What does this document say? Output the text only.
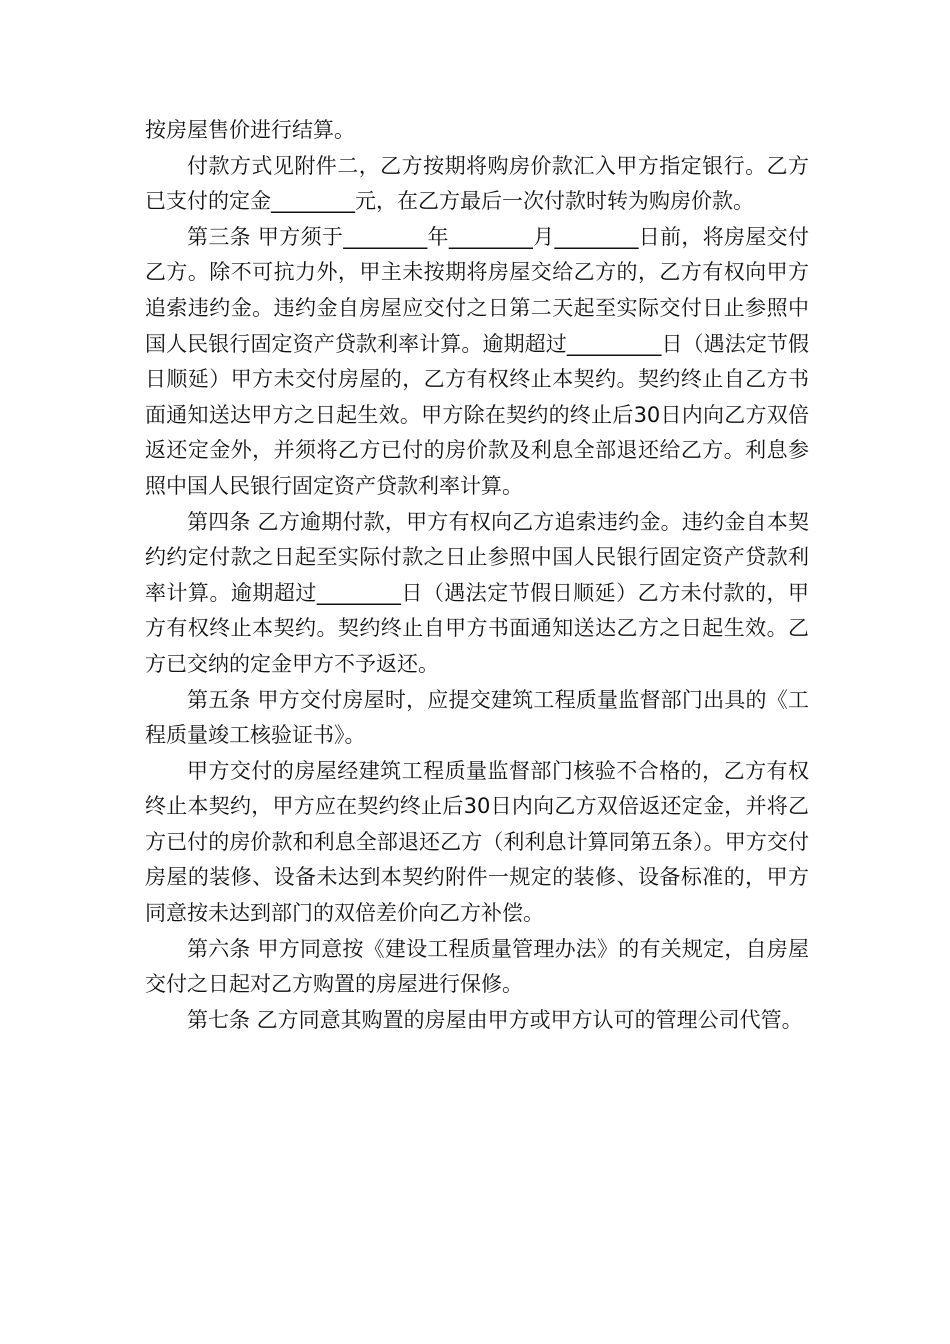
按房屋售价进行结算。

付款方式见附件二，乙方按期将购房价款汇入甲方指定银行。乙方已支付的定金________元，在乙方最后一次付款时转为购房价款。

第三条 甲方须于________年________月________日前，将房屋交付乙方。除不可抗力外，甲主未按期将房屋交给乙方的，乙方有权向甲方追索违约金。违约金自房屋应交付之日第二天起至实际交付日止参照中国人民银行固定资产贷款利率计算。逾期超过_________日（遇法定节假日顺延）甲方未交付房屋的，乙方有权终止本契约。契约终止自乙方书面通知送达甲方之日起生效。甲方除在契约的终止后30日内向乙方双倍返还定金外，并须将乙方已付的房价款及利息全部退还给乙方。利息参照中国人民银行固定资产贷款利率计算。

第四条 乙方逾期付款，甲方有权向乙方追索违约金。违约金自本契约约定付款之日起至实际付款之日止参照中国人民银行固定资产贷款利率计算。逾期超过________日（遇法定节假日顺延）乙方未付款的，甲方有权终止本契约。契约终止自甲方书面通知送达乙方之日起生效。乙方已交纳的定金甲方不予返还。

第五条 甲方交付房屋时，应提交建筑工程质量监督部门出具的《工程质量竣工核验证书》。

甲方交付的房屋经建筑工程质量监督部门核验不合格的，乙方有权终止本契约，甲方应在契约终止后30日内向乙方双倍返还定金，并将乙方已付的房价款和利息全部退还乙方（利利息计算同第五条）。甲方交付房屋的装修、设备未达到本契约附件一规定的装修、设备标准的，甲方同意按未达到部门的双倍差价向乙方补偿。

第六条 甲方同意按《建设工程质量管理办法》的有关规定，自房屋交付之日起对乙方购置的房屋进行保修。

第七条 乙方同意其购置的房屋由甲方或甲方认可的管理公司代管。
